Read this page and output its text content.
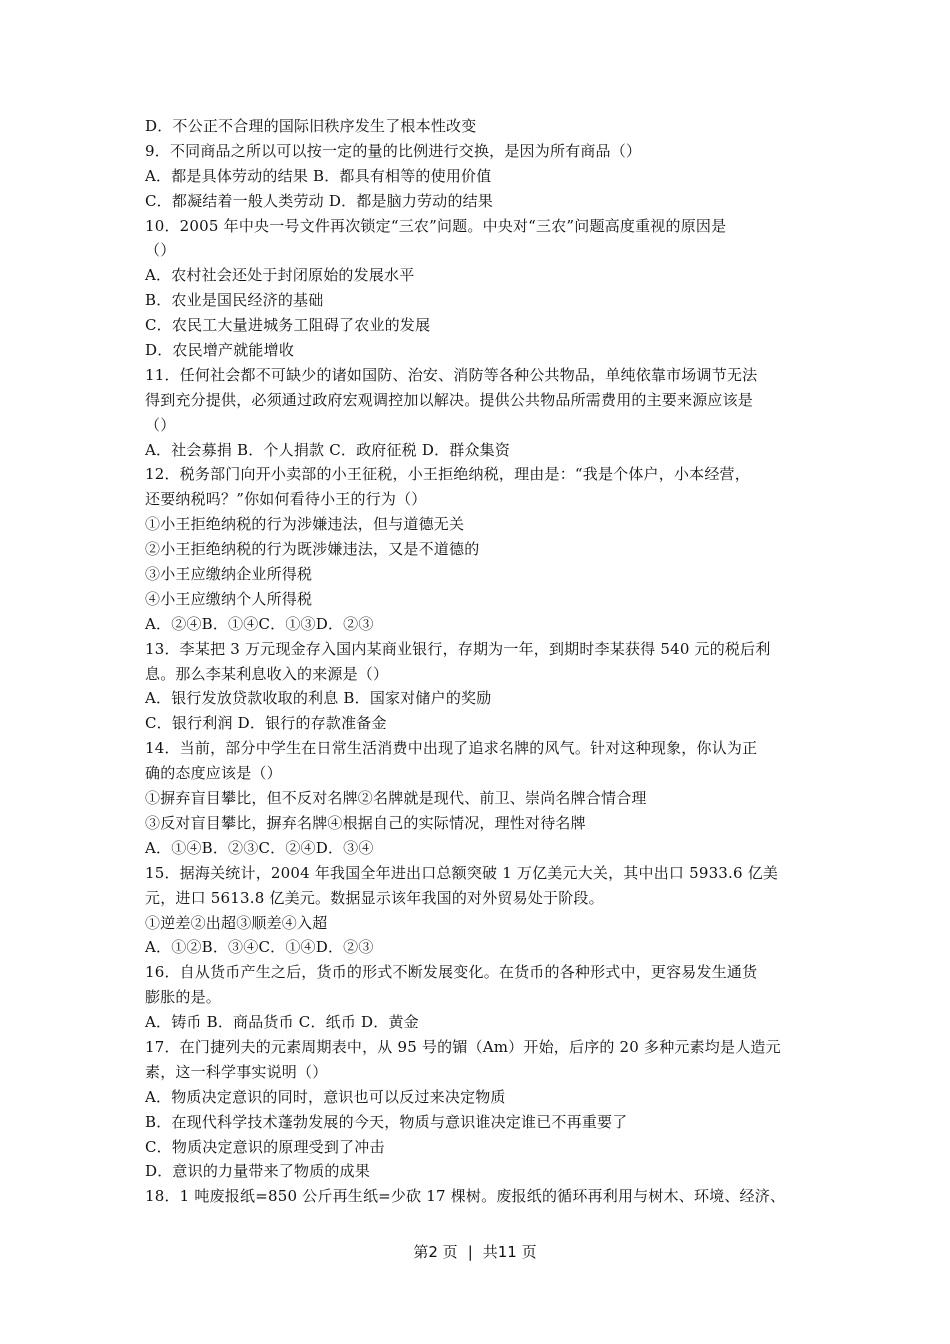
D．不公正不合理的国际旧秩序发生了根本性改变
9．不同商品之所以可以按一定的量的比例进行交换，是因为所有商品（）
A．都是具体劳动的结果 B．都具有相等的使用价值
C．都凝结着一般人类劳动 D．都是脑力劳动的结果
10．2005 年中央一号文件再次锁定“三农”问题。中央对“三农”问题高度重视的原因是
（）
A．农村社会还处于封闭原始的发展水平
B．农业是国民经济的基础
C．农民工大量进城务工阻碍了农业的发展
D．农民增产就能增收
11．任何社会都不可缺少的诸如国防、治安、消防等各种公共物品，单纯依靠市场调节无法
得到充分提供，必须通过政府宏观调控加以解决。提供公共物品所需费用的主要来源应该是
（）
A．社会募捐 B．个人捐款 C．政府征税 D．群众集资
12．税务部门向开小卖部的小王征税，小王拒绝纳税，理由是：“我是个体户，小本经营，
还要纳税吗？”你如何看待小王的行为（）
①小王拒绝纳税的行为涉嫌违法，但与道德无关
②小王拒绝纳税的行为既涉嫌违法，又是不道德的
③小王应缴纳企业所得税
④小王应缴纳个人所得税
A．②④B．①④C．①③D．②③
13．李某把 3 万元现金存入国内某商业银行，存期为一年，到期时李某获得 540 元的税后利
息。那么李某利息收入的来源是（）
A．银行发放贷款收取的利息 B．国家对储户的奖励
C．银行利润 D．银行的存款准备金
14．当前，部分中学生在日常生活消费中出现了追求名牌的风气。针对这种现象，你认为正
确的态度应该是（）
①摒弃盲目攀比，但不反对名牌②名牌就是现代、前卫、崇尚名牌合情合理
③反对盲目攀比，摒弃名牌④根据自己的实际情况，理性对待名牌
A．①④B．②③C．②④D．③④
15．据海关统计，2004 年我国全年进出口总额突破 1 万亿美元大关，其中出口 5933.6 亿美
元，进口 5613.8 亿美元。数据显示该年我国的对外贸易处于阶段。
①逆差②出超③顺差④入超
A．①②B．③④C．①④D．②③
16．自从货币产生之后，货币的形式不断发展变化。在货币的各种形式中，更容易发生通货
膨胀的是。
A．铸币 B．商品货币 C．纸币 D．黄金
17．在门捷列夫的元素周期表中，从 95 号的镅（Am）开始，后序的 20 多种元素均是人造元
素，这一科学事实说明（）
A．物质决定意识的同时，意识也可以反过来决定物质
B．在现代科学技术蓬勃发展的今天，物质与意识谁决定谁已不再重要了
C．物质决定意识的原理受到了冲击
D．意识的力量带来了物质的成果
18．1 吨废报纸=850 公斤再生纸=少砍 17 棵树。废报纸的循环再利用与树木、环境、经济、
第2 页 | 共11 页
